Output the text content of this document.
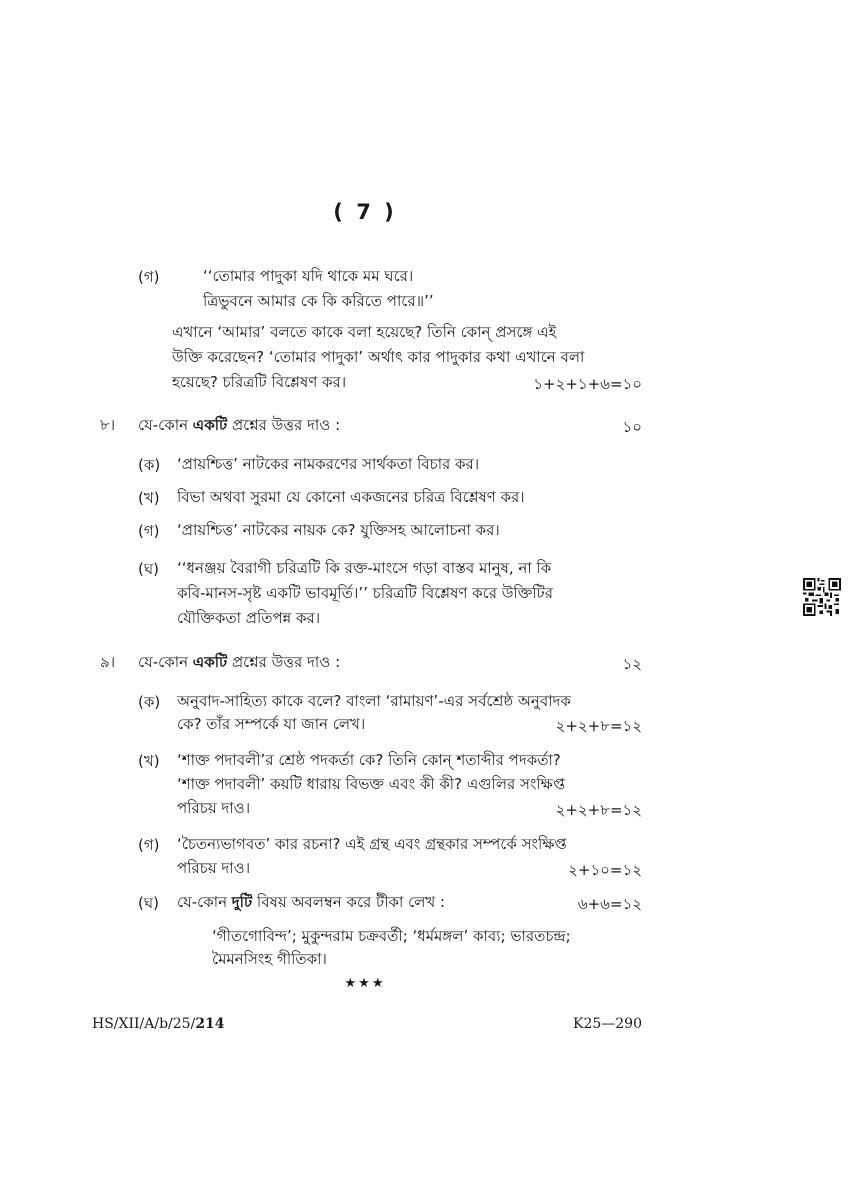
( 7 )
(গ)	‘‘তোমার পাদুকা যদি থাকে মম ঘরে।
ত্রিভুবনে আমার কে কি করিতে পারে॥’’
এখানে ‘আমার’ বলতে কাকে বলা হয়েছে? তিনি কোন্ প্রসঙ্গে এই
উক্তি করেছেন? ‘তোমার পাদুকা’ অর্থাৎ কার পাদুকার কথা এখানে বলা
হয়েছে? চরিত্রটি বিশ্লেষণ কর।	১+২+১+৬=১০
৮। যে-কোন একটি প্রশ্নের উত্তর দাও :	১০
(ক) ‘প্রায়শ্চিত্ত’ নাটকের নামকরণের সার্থকতা বিচার কর।
(খ) বিভা অথবা সুরমা যে কোনো একজনের চরিত্র বিশ্লেষণ কর।
(গ) ‘প্রায়শ্চিত্ত’ নাটকের নায়ক কে? যুক্তিসহ আলোচনা কর।
(ঘ) ‘‘ধনঞ্জয় বৈরাগী চরিত্রটি কি রক্ত-মাংসে গড়া বাস্তব মানুষ, না কি
কবি-মানস-সৃষ্ট একটি ভাবমূর্তি।’’ চরিত্রটি বিশ্লেষণ করে উক্তিটির
যৌক্তিকতা প্রতিপন্ন কর।
৯। যে-কোন একটি প্রশ্নের উত্তর দাও :	১২
(ক) অনুবাদ-সাহিত্য কাকে বলে? বাংলা ‘রামায়ণ’-এর সর্বশ্রেষ্ঠ অনুবাদক
কে? তাঁর সম্পর্কে যা জান লেখ।	২+২+৮=১২
(খ) ‘শাক্ত পদাবলী’র শ্রেষ্ঠ পদকর্তা কে? তিনি কোন্ শতাব্দীর পদকর্তা?
‘শাক্ত পদাবলী’ কয়টি ধারায় বিভক্ত এবং কী কী? এগুলির সংক্ষিপ্ত
পরিচয় দাও।	২+২+৮=১২
(গ) ‘চৈতন্যভাগবত’ কার রচনা? এই গ্রন্থ এবং গ্রন্থকার সম্পর্কে সংক্ষিপ্ত
পরিচয় দাও।	২+১০=১২
(ঘ) যে-কোন দুটি বিষয় অবলম্বন করে টীকা লেখ :	৬+৬=১২
‘গীতগোবিন্দ’; মুকুন্দরাম চক্রবর্তী; ‘ধর্মমঙ্গল’ কাব্য; ভারতচন্দ্র;
মৈমনসিংহ গীতিকা।
★★★
HS/XII/A/b/25/214	K25—290
